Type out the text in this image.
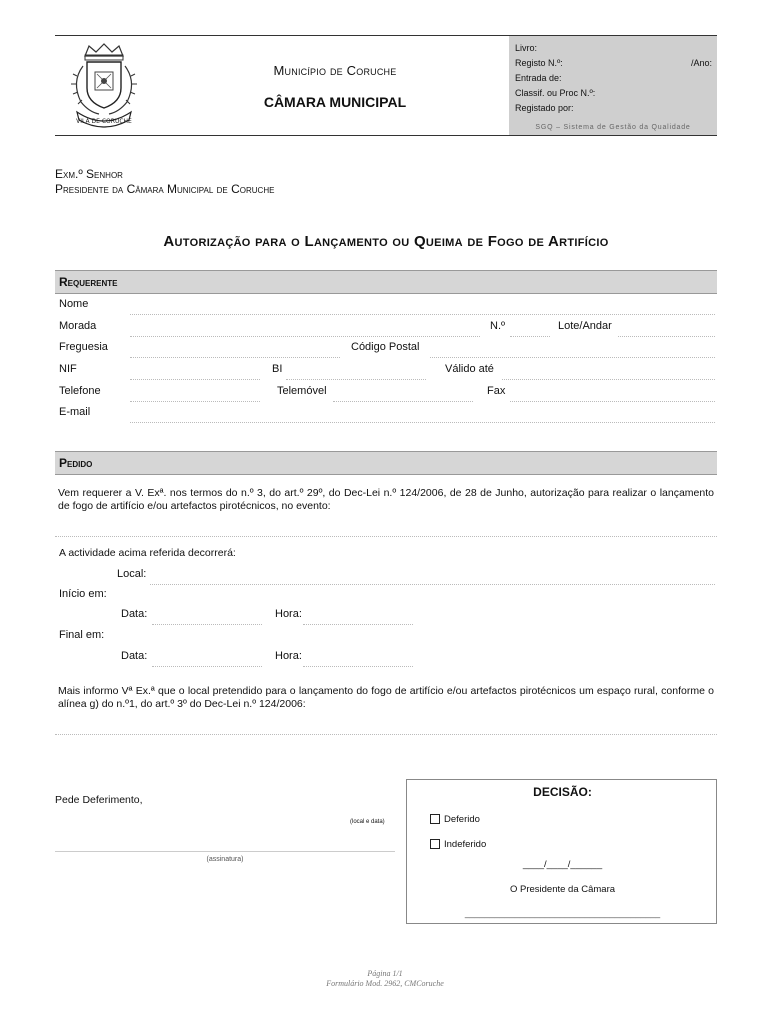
VILA DE CORUCHE
Município de Coruche
CÂMARA MUNICIPAL
Livro:
Registo N.º:	/Ano:
Entrada de:
Classif. ou Proc N.º:
Registado por:
SGQ – Sistema de Gestão da Qualidade
Exm.º Senhor
Presidente da Câmara Municipal de Coruche
Autorização para o Lançamento ou Queima de Fogo de Artifício
Requerente
Nome
Morada	N.º	Lote/Andar
Freguesia	Código Postal
NIF	BI	Válido até
Telefone	Telemóvel	Fax
E-mail
Pedido
Vem requerer a V. Exª. nos termos do n.º 3, do art.º 29º, do Dec-Lei n.º 124/2006, de 28 de Junho, autorização para realizar o lançamento de fogo de artifício e/ou artefactos pirotécnicos, no evento:
A actividade acima referida decorrerá:
Local:
Início em:
Data:	Hora:
Final em:
Data:	Hora:
Mais informo Vª Ex.ª que o local pretendido para o lançamento do fogo de artifício e/ou artefactos pirotécnicos um espaço rural, conforme o alínea g) do n.º1, do art.º 3º do Dec-Lei n.º 124/2006:
Pede Deferimento,
(local e data)
(assinatura)
DECISÃO:
Deferido
Indeferido
____/____/______
O Presidente da Câmara
_______________________________________
Página 1/1
Formulário Mod. 2962, CMCoruche
